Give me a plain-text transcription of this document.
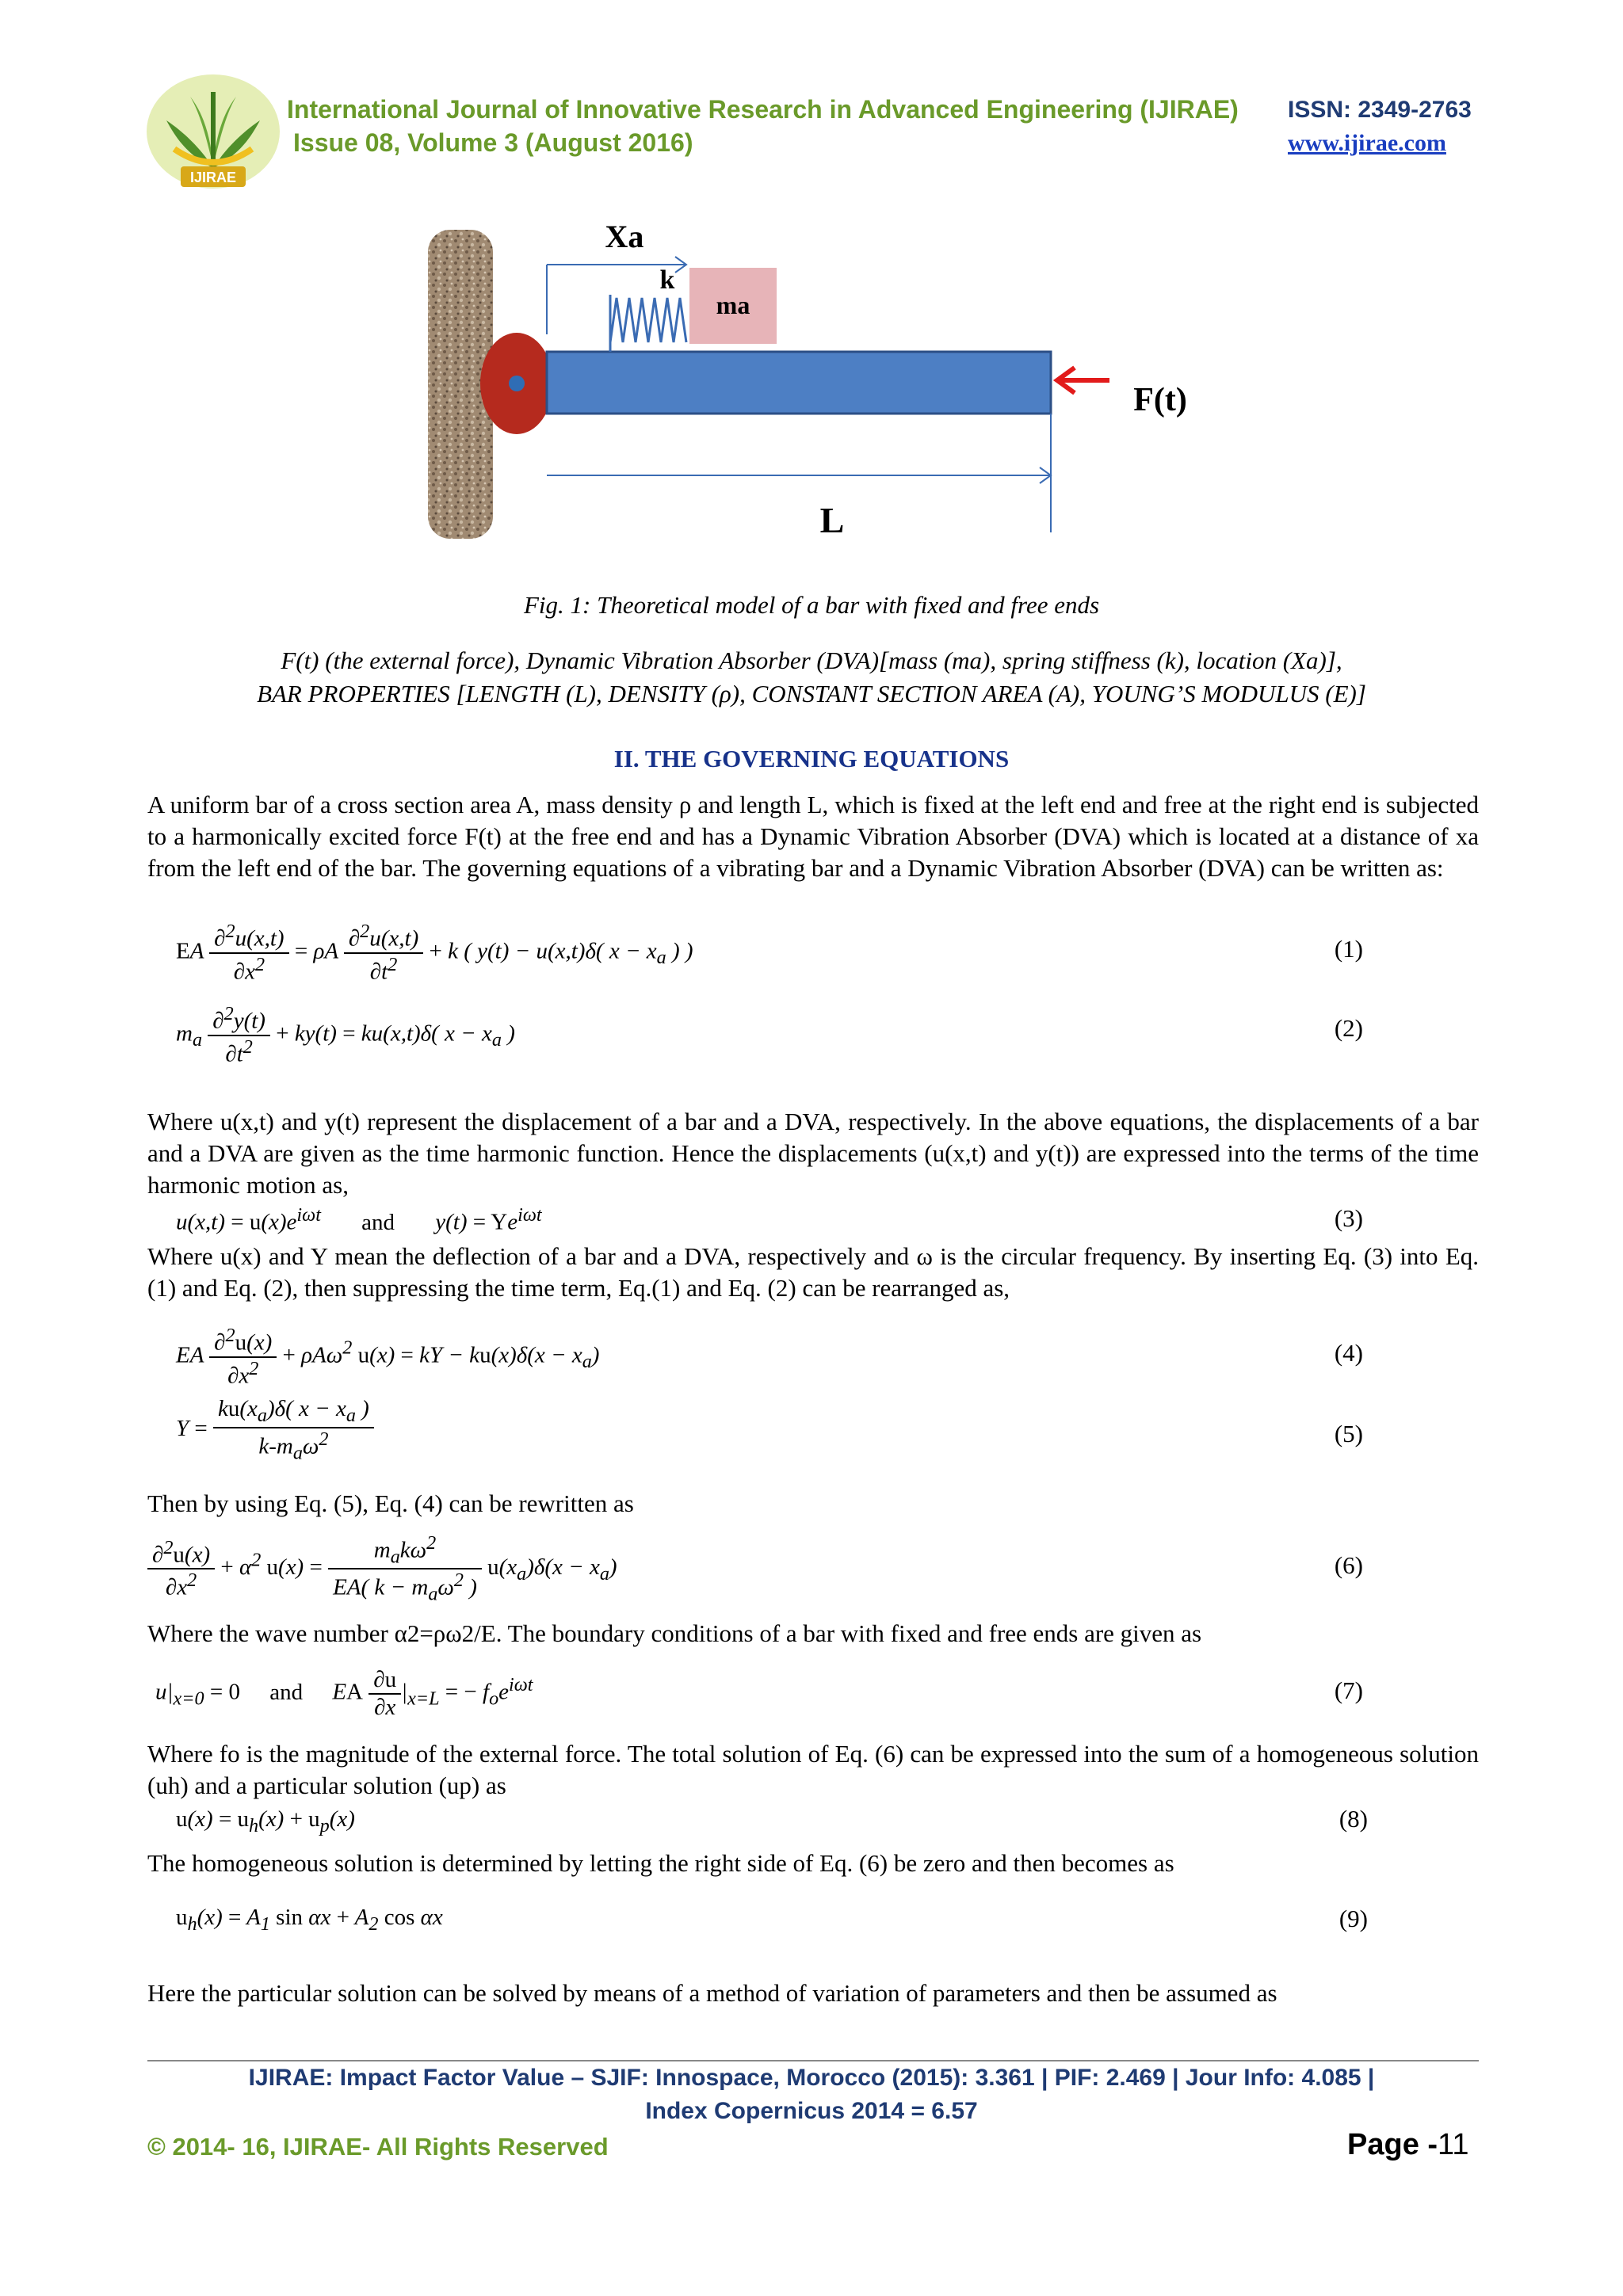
IJIRAE
International Journal of Innovative Research in Advanced Engineering (IJIRAE)
Issue 08, Volume 3 (August 2016)
ISSN: 2349-2763
www.ijirae.com
ma
k
Xa
L
F(t)
Fig. 1: Theoretical model of a bar with fixed and free ends
F(t) (the external force), Dynamic Vibration Absorber (DVA)[mass (ma), spring stiffness (k), location (Xa)],
BAR PROPERTIES [LENGTH (L), DENSITY (ρ), CONSTANT SECTION AREA (A), YOUNG’S MODULUS (E)]
II. THE GOVERNING EQUATIONS
A uniform bar of a cross section area A, mass density ρ and length L, which is fixed at the left end and free at the right end is subjected to a harmonically excited force F(t) at the free end and has a Dynamic Vibration Absorber (DVA) which is located at a distance of xa from the left end of the bar. The governing equations of a vibrating bar and a Dynamic Vibration Absorber (DVA) can be written as:
EA $\frac{\partial^2u(x,t)}{\partial x^2} = \rho A \frac{\partial^2u(x,t)}{\partial t^2} + k$ ( y(t) − u(x,t)δ( $x - x_a$ ) )	(1)
$m_a \frac{\partial^2y(t)}{\partial t^2} + ky(t) = ku(x,t)\delta$( $x - x_a$ )	(2)
Where u(x,t) and y(t) represent the displacement of a bar and a DVA, respectively. In the above equations, the displacements of a bar and a DVA are given as the time harmonic function. Hence the displacements (u(x,t) and y(t)) are expressed into the terms of the time harmonic motion as,
$u(x,t) = u(x)e^{i\omega t}$ and $y(t) = Ye^{i\omega t}$	(3)
Where u(x) and Y mean the deflection of a bar and a DVA, respectively and ω is the circular frequency. By inserting Eq. (3) into Eq. (1) and Eq. (2), then suppressing the time term, Eq.(1) and Eq. (2) can be rearranged as,
EA $\frac{\partial^2u(x)}{\partial x^2} + \rho A\omega^2$ u(x) = kY − $ku(x)\delta(x - x_a)$	(4)
$Y = \frac{ku(x_a)\delta( x - x_a )}{k-m_a\omega^2}$	(5)
Then by using Eq. (5), Eq. (4) can be rewritten as
$\frac{\partial^2u(x)}{\partial x^2} + \alpha^2$ $u(x) = \frac{m_ak\omega^2}{EA( k - m_a\omega^2 )} u(x_a)\delta(x - x_a)$	(6)
Where the wave number α2=ρω2/E. The boundary conditions of a bar with fixed and free ends are given as
$u|_{x=0} = 0$ and EA $\frac{\partial u}{\partial x} |_{x=L}$ = − $f_oe^{i\omega t}$	(7)
Where fo is the magnitude of the external force. The total solution of Eq. (6) can be expressed into the sum of a homogeneous solution (uh) and a particular solution (up) as
$u(x) = u_h(x) + u_p(x)$	(8)
The homogeneous solution is determined by letting the right side of Eq. (6) be zero and then becomes as
$u_h(x) = A_1$ $\sin \alpha x + A_2$ cos αx	(9)
Here the particular solution can be solved by means of a method of variation of parameters and then be assumed as
IJIRAE: Impact Factor Value – SJIF: Innospace, Morocco (2015): 3.361 | PIF: 2.469 | Jour Info: 4.085 |
Index Copernicus 2014 = 6.57
© 2014- 16, IJIRAE- All Rights Reserved	Page -11
